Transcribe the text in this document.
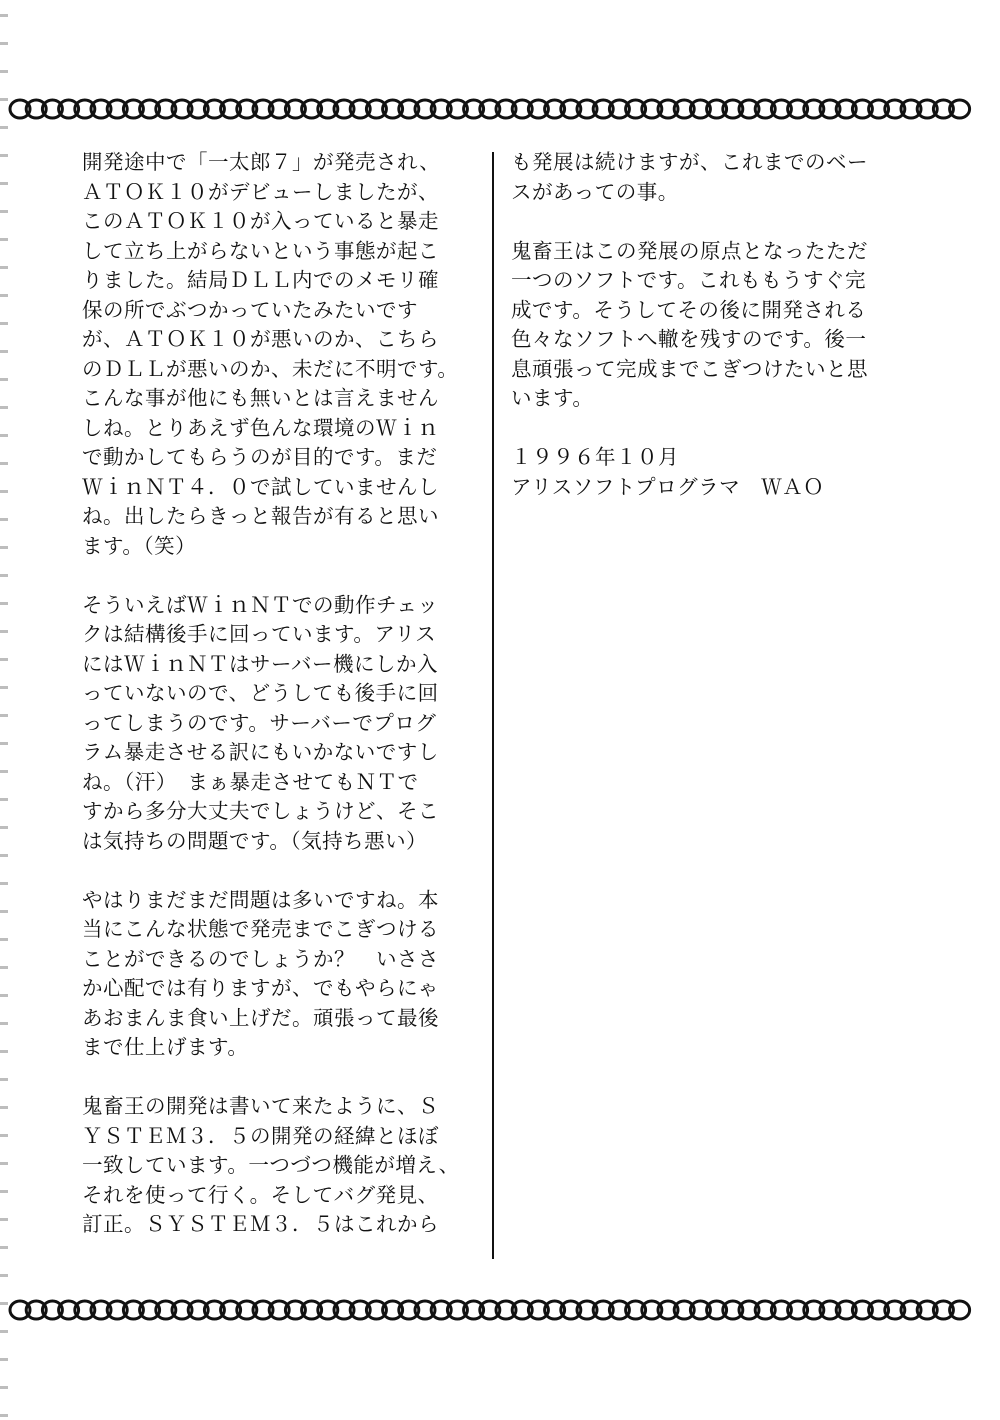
開発途中で「一太郎７」が発売され、
ＡＴＯＫ１０がデビューしましたが、
このＡＴＯＫ１０が入っていると暴走
して立ち上がらないという事態が起こ
りました。結局ＤＬＬ内でのメモリ確
保の所でぶつかっていたみたいです
が、ＡＴＯＫ１０が悪いのか、こちら
のＤＬＬが悪いのか、未だに不明です。
こんな事が他にも無いとは言えません
しね。とりあえず色んな環境のＷｉｎ
で動かしてもらうのが目的です。まだ
ＷｉｎＮＴ４．０で試していませんし
ね。出したらきっと報告が有ると思い
ます。（笑）
そういえばＷｉｎＮＴでの動作チェッ
クは結構後手に回っています。アリス
にはＷｉｎＮＴはサーバー機にしか入
っていないので、どうしても後手に回
ってしまうのです。サーバーでプログ
ラム暴走させる訳にもいかないですし
ね。（汗）　まぁ暴走させてもＮＴで
すから多分大丈夫でしょうけど、そこ
は気持ちの問題です。（気持ち悪い）
やはりまだまだ問題は多いですね。本
当にこんな状態で発売までこぎつける
ことができるのでしょうか？　いささ
か心配では有りますが、でもやらにゃ
あおまんま食い上げだ。頑張って最後
まで仕上げます。
鬼畜王の開発は書いて来たように、Ｓ
ＹＳＴＥＭ３．５の開発の経緯とほぼ
一致しています。一つづつ機能が増え、
それを使って行く。そしてバグ発見、
訂正。ＳＹＳＴＥＭ３．５はこれから
も発展は続けますが、これまでのベー
スがあっての事。
鬼畜王はこの発展の原点となったただ
一つのソフトです。これももうすぐ完
成です。そうしてその後に開発される
色々なソフトへ轍を残すのです。後一
息頑張って完成までこぎつけたいと思
います。
１９９６年１０月
アリスソフトプログラマ　ＷＡＯ
